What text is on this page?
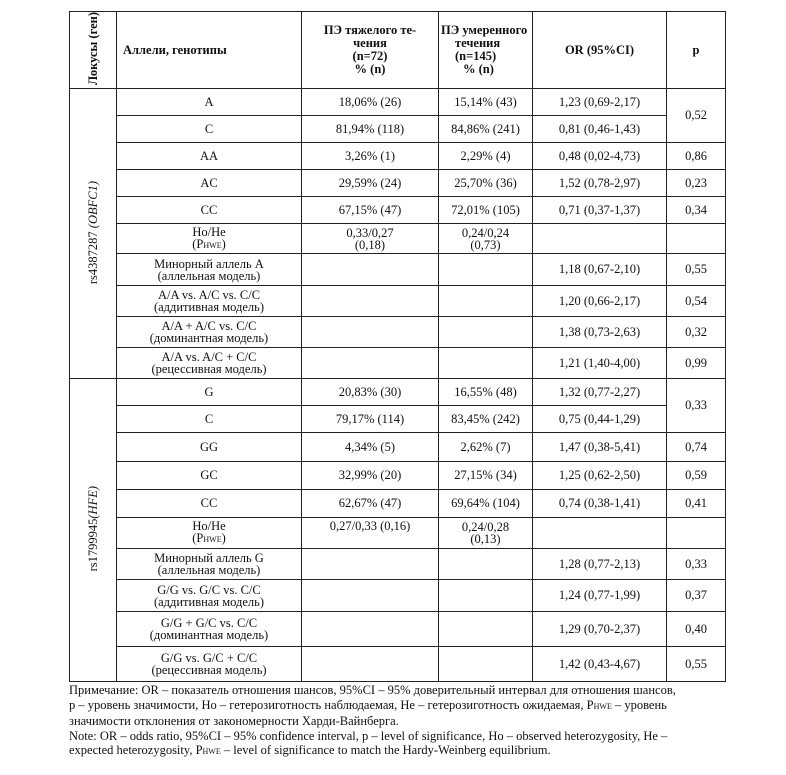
Локусы (ген)	Аллели, генотипы	ПЭ тяжелого те-
чения
(n=72)
% (n)	ПЭ умеренного
течения
(n=145)
% (n)	OR (95%CI)	p
rs4387287 (OBFC1)	A	18,06% (26)	15,14% (43)	1,23 (0,69-2,17)	0,52
	C	81,94% (118)	84,86% (241)	0,81 (0,46-1,43)	
	AA	3,26% (1)	2,29% (4)	0,48 (0,02-4,73)	0,86
	AC	29,59% (24)	25,70% (36)	1,52 (0,78-2,97)	0,23
	CC	67,15% (47)	72,01% (105)	0,71 (0,37-1,37)	0,34
	Ho/He
(PHWE)	0,33/0,27
(0,18)	0,24/0,24
(0,73)		
	Минорный аллель A
(аллельная модель)			1,18 (0,67-2,10)	0,55
	A/A vs. A/C vs. C/C
(аддитивная модель)			1,20 (0,66-2,17)	0,54
	A/A + A/C vs. C/C
(доминантная модель)			1,38 (0,73-2,63)	0,32
	A/A vs. A/C + C/C
(рецессивная модель)			1,21 (1,40-4,00)	0,99
rs1799945(HFE)	G	20,83% (30)	16,55% (48)	1,32 (0,77-2,27)	0,33
	C	79,17% (114)	83,45% (242)	0,75 (0,44-1,29)	
	GG	4,34% (5)	2,62% (7)	1,47 (0,38-5,41)	0,74
	GC	32,99% (20)	27,15% (34)	1,25 (0,62-2,50)	0,59
	CC	62,67% (47)	69,64% (104)	0,74 (0,38-1,41)	0,41
	Ho/He
(PHWE)	0,27/0,33 (0,16)	0,24/0,28
(0,13)		
	Минорный аллель G
(аллельная модель)			1,28 (0,77-2,13)	0,33
	G/G vs. G/C vs. C/C
(аддитивная модель)			1,24 (0,77-1,99)	0,37
	G/G + G/C vs. C/C
(доминантная модель)			1,29 (0,70-2,37)	0,40
	G/G vs. G/C + C/C
(рецессивная модель)			1,42 (0,43-4,67)	0,55

Примечание: OR – показатель отношения шансов, 95%CI – 95% доверительный интервал для отношения шансов,

p – уровень значимости, Ho – гетерозиготность наблюдаемая, He – гетерозиготность ожидаемая, PHWE – уровень

значимости отклонения от закономерности Харди-Вайнберга.

Note: OR – odds ratio, 95%CI – 95% confidence interval, p – level of significance, Ho – observed heterozygosity, He –

expected heterozygosity, PHWE – level of significance to match the Hardy-Weinberg equilibrium.
